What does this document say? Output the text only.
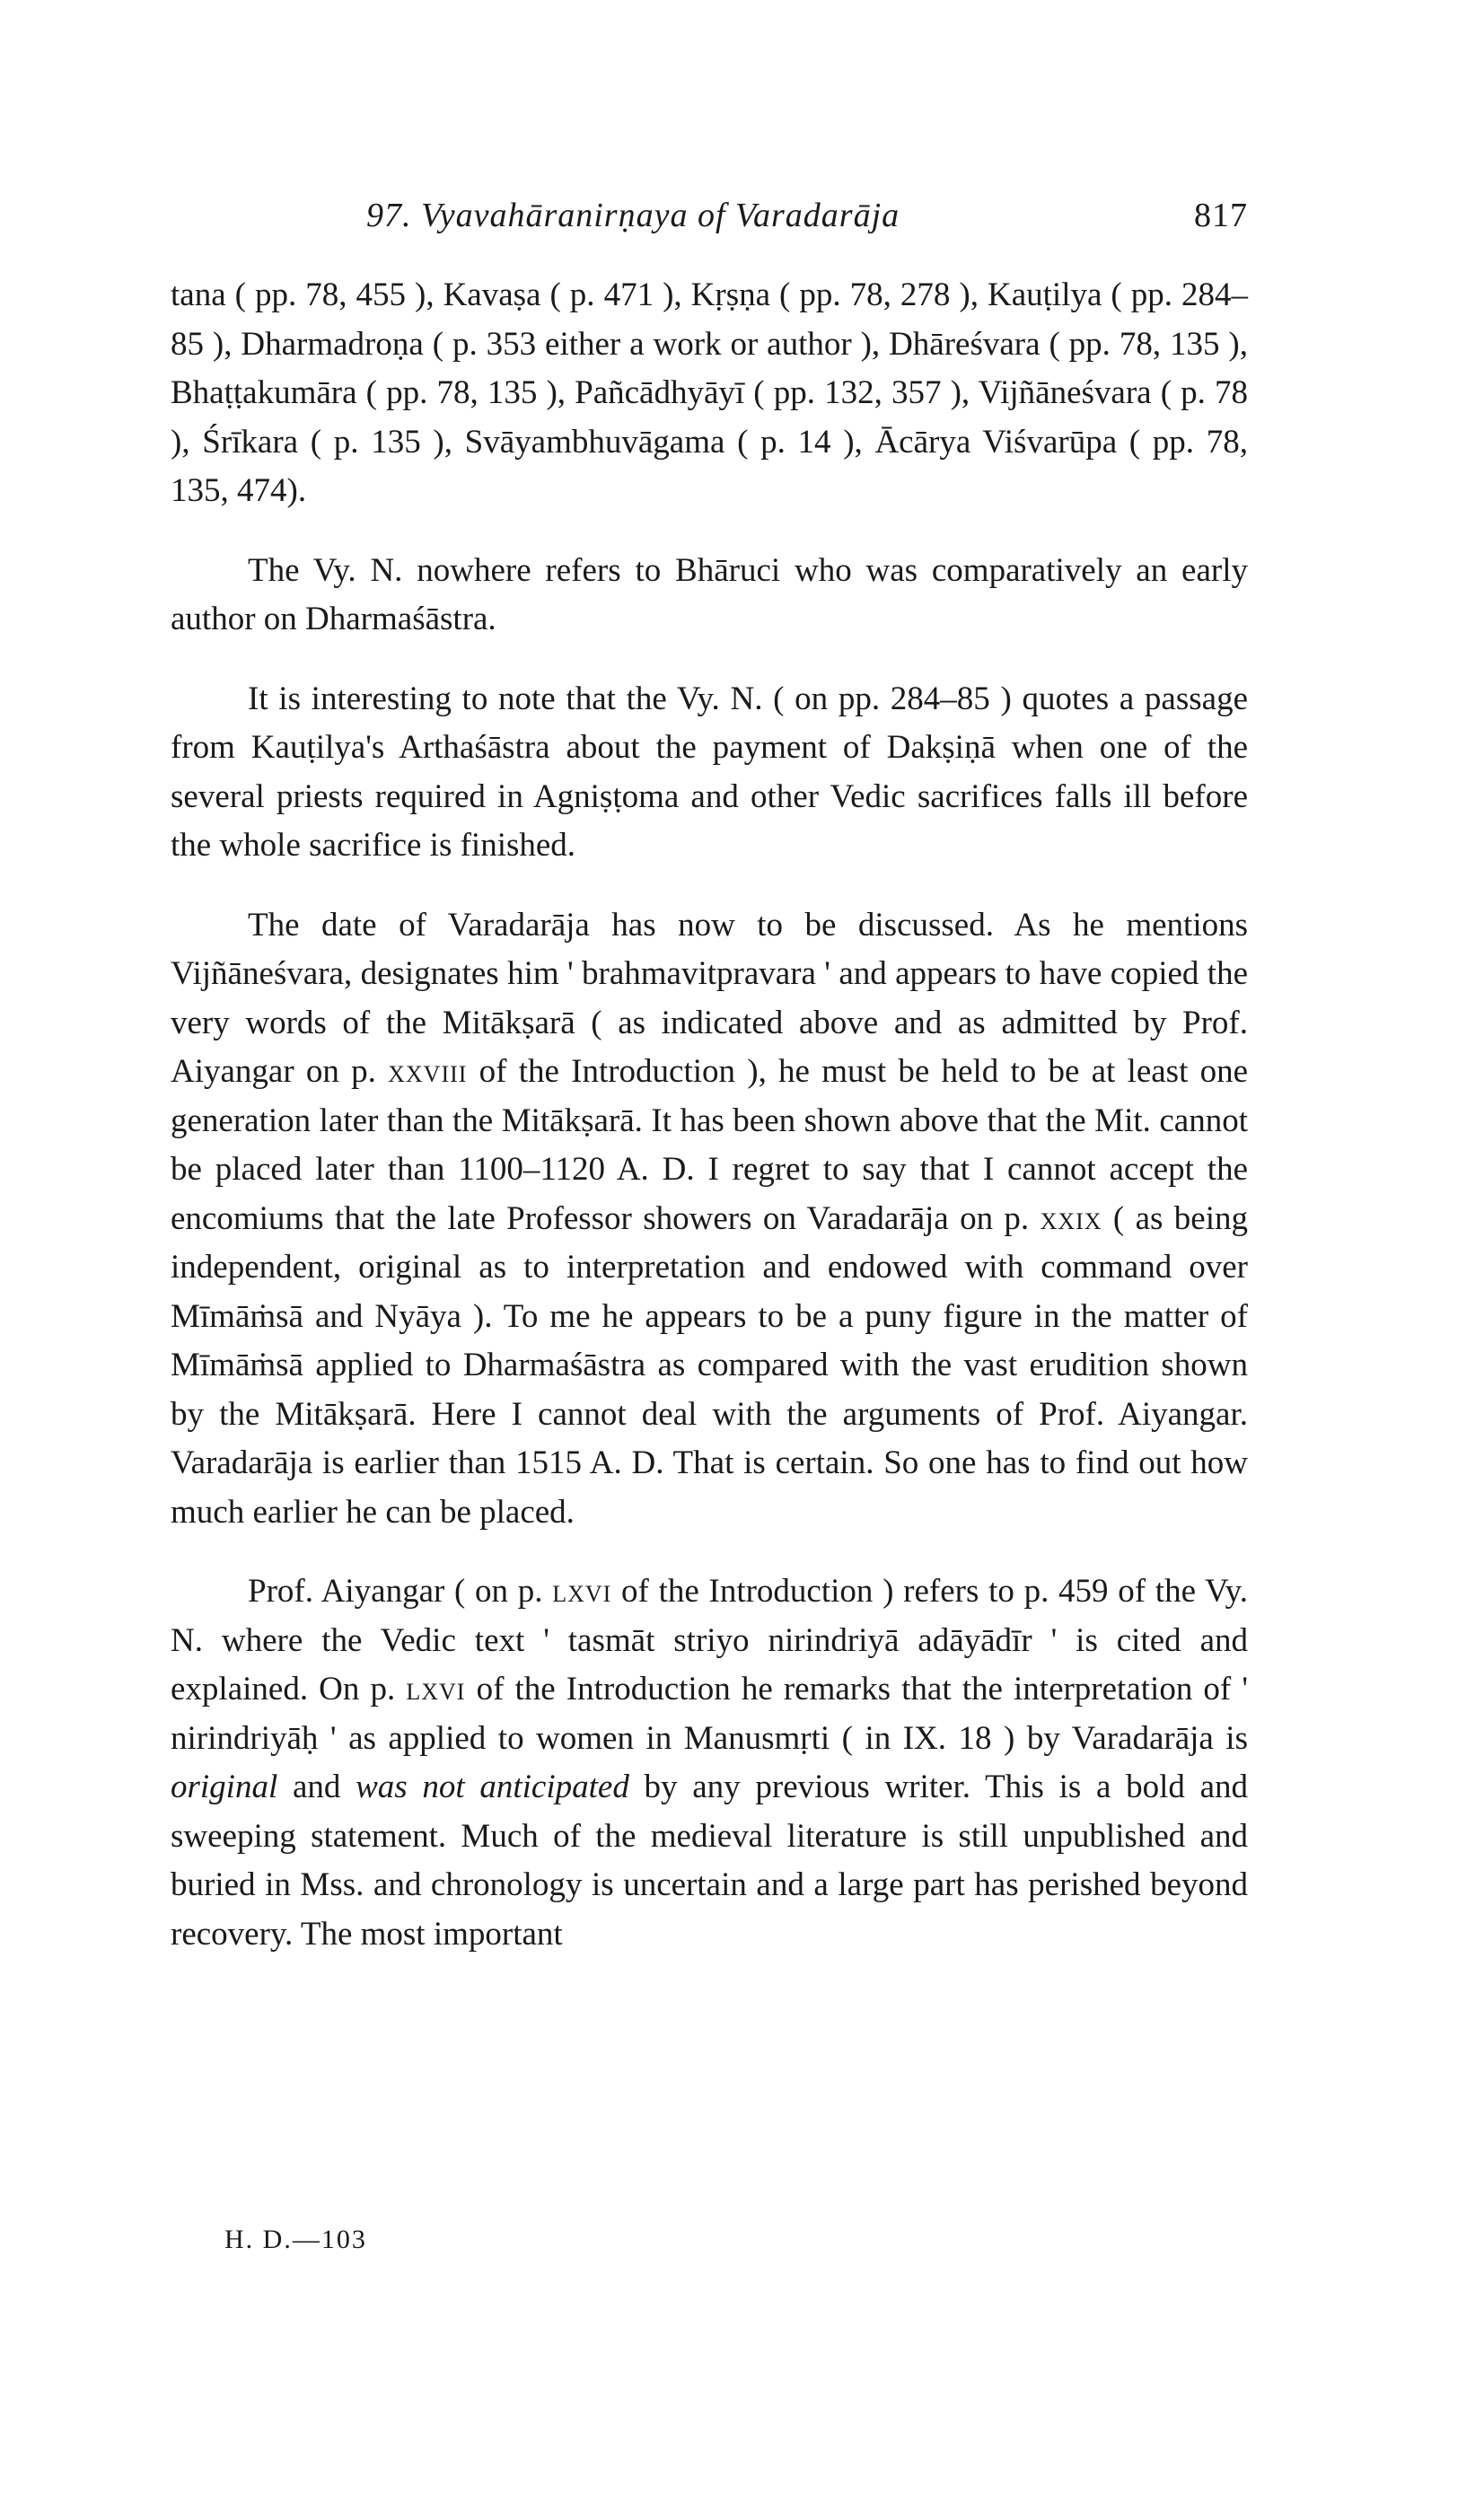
97. Vyavahāranirṇaya of Varadarāja	817

tana ( pp. 78, 455 ), Kavaṣa ( p. 471 ), Kṛṣṇa ( pp. 78, 278 ), Kauṭilya ( pp. 284–85 ), Dharmadroṇa ( p. 353 either a work or author ), Dhāreśvara ( pp. 78, 135 ), Bhaṭṭakumāra ( pp. 78, 135 ), Pañcādhyāyī ( pp. 132, 357 ), Vijñāneśvara ( p. 78 ), Śrīkara ( p. 135 ), Svāyambhuvāgama ( p. 14 ), Ācārya Viśvarūpa ( pp. 78, 135, 474).

The Vy. N. nowhere refers to Bhāruci who was comparatively an early author on Dharmaśāstra.

It is interesting to note that the Vy. N. ( on pp. 284–85 ) quotes a passage from Kauṭilya's Arthaśāstra about the payment of Dakṣiṇā when one of the several priests required in Agniṣṭoma and other Vedic sacrifices falls ill before the whole sacrifice is finished.

The date of Varadarāja has now to be discussed. As he mentions Vijñāneśvara, designates him ' brahmavitpravara ' and appears to have copied the very words of the Mitākṣarā ( as indicated above and as admitted by Prof. Aiyangar on p. xxviii of the Introduction ), he must be held to be at least one generation later than the Mitākṣarā. It has been shown above that the Mit. cannot be placed later than 1100–1120 A. D. I regret to say that I cannot accept the encomiums that the late Professor showers on Varadarāja on p. xxix ( as being independent, original as to interpretation and endowed with command over Mīmāṁsā and Nyāya ). To me he appears to be a puny figure in the matter of Mīmāṁsā applied to Dharmaśāstra as compared with the vast erudition shown by the Mitākṣarā. Here I cannot deal with the arguments of Prof. Aiyangar. Varadarāja is earlier than 1515 A. D. That is certain. So one has to find out how much earlier he can be placed.

Prof. Aiyangar ( on p. lxvi of the Introduction ) refers to p. 459 of the Vy. N. where the Vedic text ' tasmāt striyo nirindriyā adāyādīr ' is cited and explained. On p. lxvi of the Introduction he remarks that the interpretation of ' nirindriyāḥ ' as applied to women in Manusmṛti ( in IX. 18 ) by Varadarāja is original and was not anticipated by any previous writer. This is a bold and sweeping statement. Much of the medieval literature is still unpublished and buried in Mss. and chronology is uncertain and a large part has perished beyond recovery. The most important

H. D.—103
